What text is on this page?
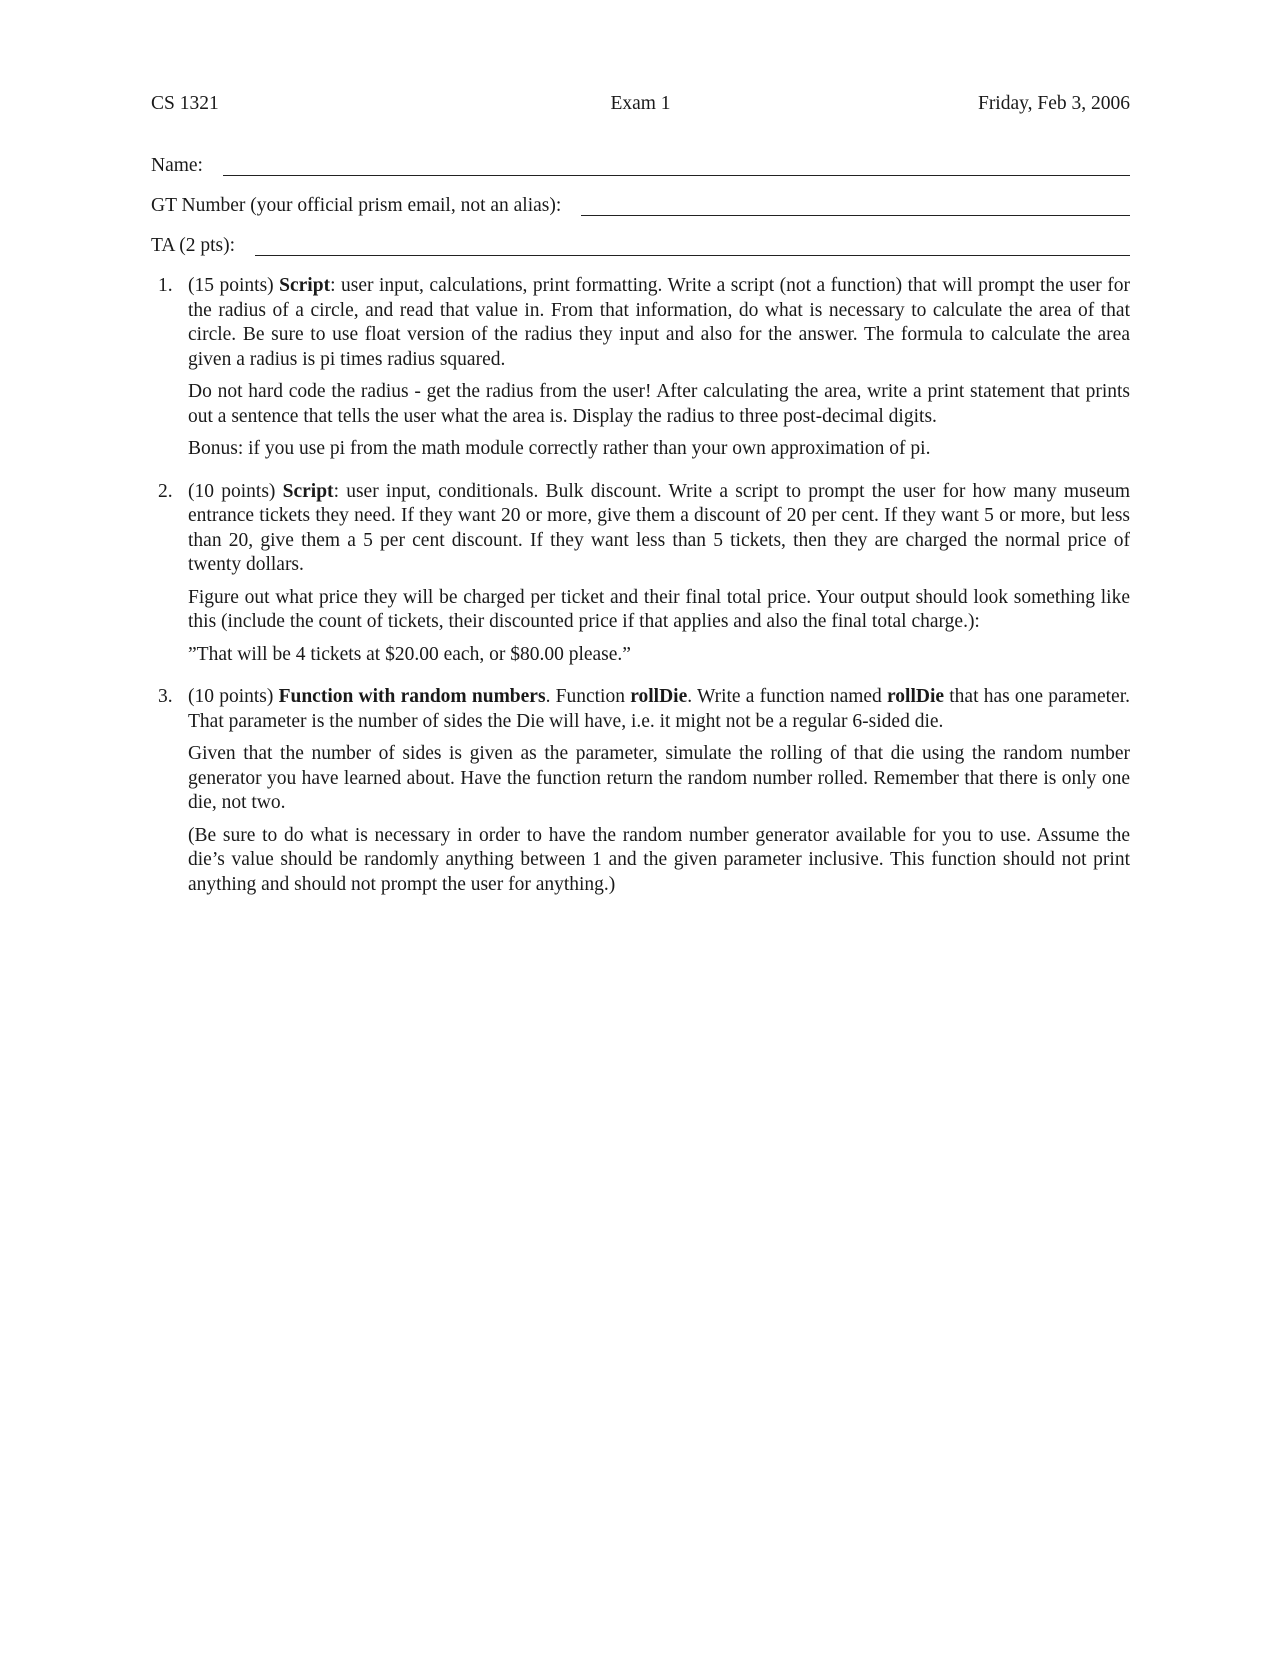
CS 1321	Exam 1	Friday, Feb 3, 2006
Name:
GT Number (your official prism email, not an alias):
TA (2 pts):
1. (15 points) Script: user input, calculations, print formatting. Write a script (not a function) that will prompt the user for the radius of a circle, and read that value in. From that information, do what is necessary to calculate the area of that circle. Be sure to use float version of the radius they input and also for the answer. The formula to calculate the area given a radius is pi times radius squared.

Do not hard code the radius - get the radius from the user! After calculating the area, write a print statement that prints out a sentence that tells the user what the area is. Display the radius to three post-decimal digits.

Bonus: if you use pi from the math module correctly rather than your own approximation of pi.

2. (10 points) Script: user input, conditionals. Bulk discount. Write a script to prompt the user for how many museum entrance tickets they need. If they want 20 or more, give them a discount of 20 per cent. If they want 5 or more, but less than 20, give them a 5 per cent discount. If they want less than 5 tickets, then they are charged the normal price of twenty dollars.

Figure out what price they will be charged per ticket and their final total price. Your output should look something like this (include the count of tickets, their discounted price if that applies and also the final total charge.):

”That will be 4 tickets at $20.00 each, or $80.00 please.”

3. (10 points) Function with random numbers. Function rollDie. Write a function named rollDie that has one parameter. That parameter is the number of sides the Die will have, i.e. it might not be a regular 6-sided die.

Given that the number of sides is given as the parameter, simulate the rolling of that die using the random number generator you have learned about. Have the function return the random number rolled. Remember that there is only one die, not two.

(Be sure to do what is necessary in order to have the random number generator available for you to use. Assume the die’s value should be randomly anything between 1 and the given parameter inclusive. This function should not print anything and should not prompt the user for anything.)
